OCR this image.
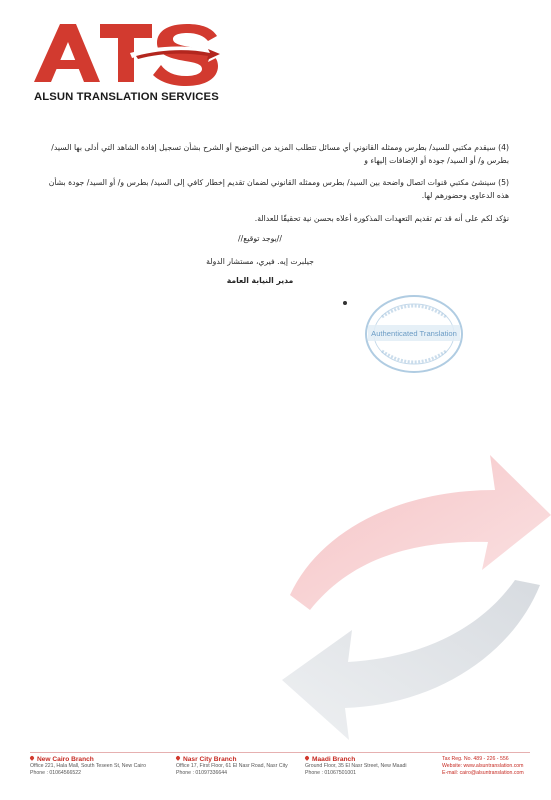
ALSUN TRANSLATION SERVICES

(4) سيقدم مكتبي للسيد/ بطرس وممثله القانوني أي مسائل تتطلب المزيد من التوضيح أو الشرح بشأن تسجيل إفادة الشاهد التي أدلى بها السيد/ بطرس و/ أو السيد/ جودة أو الإضافات إليهاء و

(5) سينشئ مكتبي قنوات اتصال واضحة بين السيد/ بطرس وممثله القانوني لضمان تقديم إخطار كافي إلى السيد/ بطرس و/ أو السيد/ جودة بشأن هذه الدعاوى وحضورهم لها.

نؤكد لكم على أنه قد تم تقديم التعهدات المذكورة أعلاه بحسن نية تحقيقًا للعدالة.

//يوجد توقيع//
جيلبرت إيه. فيري، مستشار الدولة
مدير النيابة العامة
Authenticated Translation
New Cairo Branch
Office 221, Hala Mall, South Teseen St, New Cairo
Phone : 01064566522
Nasr City Branch
Office 17, First Floor, 61 El Nasr Road, Nasr City
Phone : 01097336644
Maadi Branch
Ground Floor, 35 El Nasr Street, New Maadi
Phone : 01067501001
Tax Reg. No. 489 - 226 - 556
Website: www.alsuntranslation.com
E-mail: cairo@alsuntranslation.com
